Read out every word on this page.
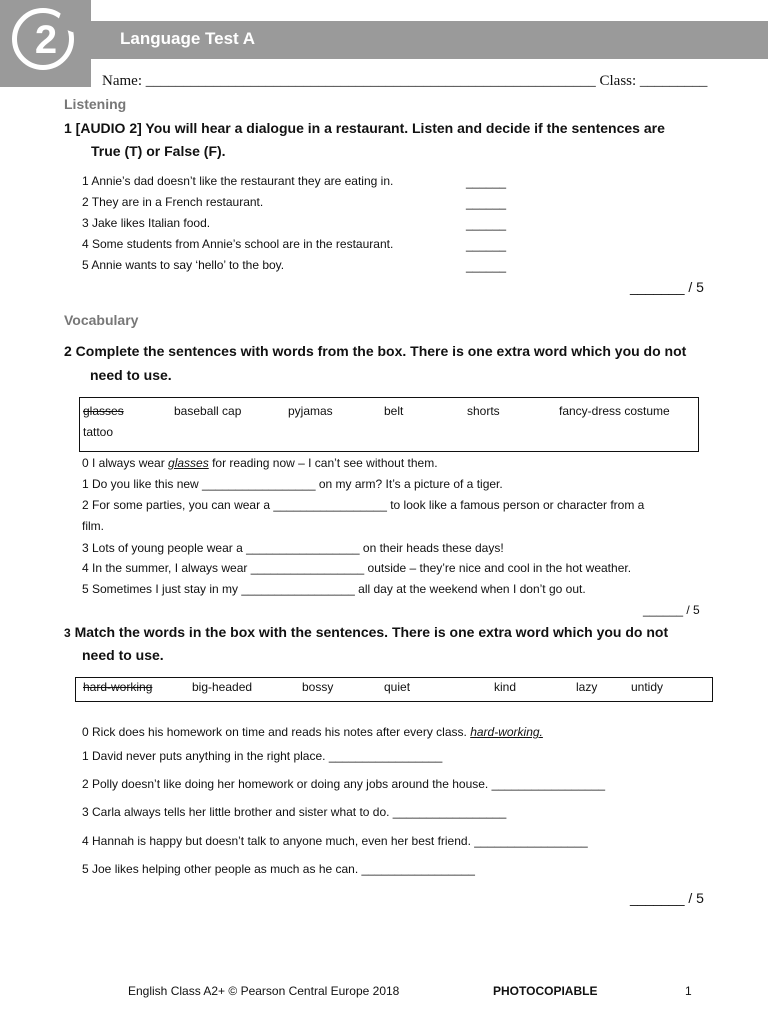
2	Language Test A
Name: ____________________________________________________________ Class: _________
Listening
1 [AUDIO 2] You will hear a dialogue in a restaurant. Listen and decide if the sentences are
True (T) or False (F).
1 Annie’s dad doesn’t like the restaurant they are eating in.	______
2 They are in a French restaurant.	______
3 Jake likes Italian food.	______
4 Some students from Annie’s school are in the restaurant.	______
5 Annie wants to say ‘hello’ to the boy.	______
_______ / 5
Vocabulary
2 Complete the sentences with words from the box. There is one extra word which you do not
need to use.
glasses	baseball cap	pyjamas	belt	shorts	fancy-dress costume
tattoo
0 I always wear glasses for reading now – I can’t see without them.
1 Do you like this new _________________ on my arm? It’s a picture of a tiger.
2 For some parties, you can wear a _________________ to look like a famous person or character from a
film.
3 Lots of young people wear a _________________ on their heads these days!
4 In the summer, I always wear _________________ outside – they’re nice and cool in the hot weather.
5 Sometimes I just stay in my _________________ all day at the weekend when I don’t go out.
______ / 5
3 Match the words in the box with the sentences. There is one extra word which you do not
need to use.
hard-working	big-headed	bossy	quiet	kind	lazy	untidy
0 Rick does his homework on time and reads his notes after every class. hard-working.
1 David never puts anything in the right place. _________________
2 Polly doesn’t like doing her homework or doing any jobs around the house. _________________
3 Carla always tells her little brother and sister what to do. _________________
4 Hannah is happy but doesn’t talk to anyone much, even her best friend. _________________
5 Joe likes helping other people as much as he can. _________________
_______ / 5
English Class A2+ © Pearson Central Europe 2018	PHOTOCOPIABLE	1
